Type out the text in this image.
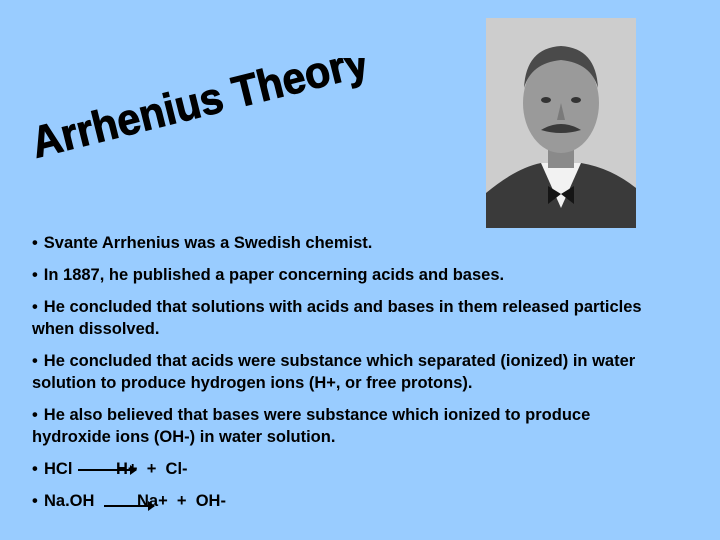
Arrhenius Theory
• Svante Arrhenius was a Swedish chemist.
• In 1887, he published a paper concerning acids and bases.
• He concluded that solutions with acids and bases in them released particles when dissolved.
• He concluded that acids were substance which separated (ionized) in water solution to produce hydrogen ions (H+, or free protons).
• He also believed that bases were substance which ionized to produce hydroxide ions (OH-) in water solution.
• HCl →
H+  +  Cl-
• Na.OH →
Na+  +  OH-
